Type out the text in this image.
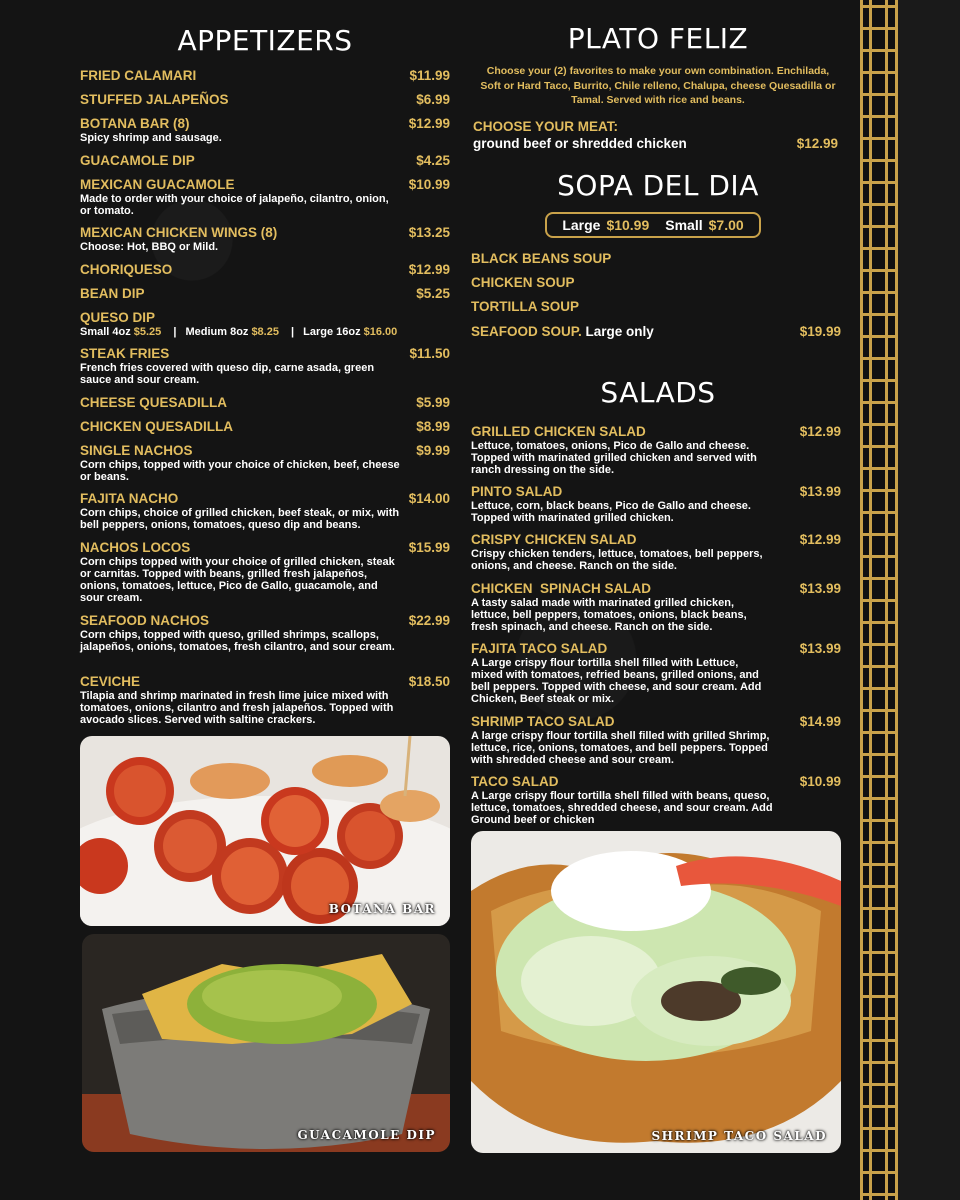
APPETIZERS
FRIED CALAMARI	$11.99
STUFFED JALAPEÑOS	$6.99
BOTANA BAR (8)	$12.99
Spicy shrimp and sausage.
GUACAMOLE DIP	$4.25
MEXICAN GUACAMOLE	$10.99
Made to order with your choice of jalapeño, cilantro, onion, or tomato.
MEXICAN CHICKEN WINGS (8)	$13.25
Choose: Hot, BBQ or Mild.
CHORIQUESO	$12.99
BEAN DIP	$5.25
QUESO DIP
Small 4oz $5.25 | Medium 8oz $8.25 | Large 16oz $16.00
STEAK FRIES	$11.50
French fries covered with queso dip, carne asada, green sauce and sour cream.
CHEESE QUESADILLA	$5.99
CHICKEN QUESADILLA	$8.99
SINGLE NACHOS	$9.99
Corn chips, topped with your choice of chicken, beef, cheese or beans.
FAJITA NACHO	$14.00
Corn chips, choice of grilled chicken, beef steak, or mix, with bell peppers, onions, tomatoes, queso dip and beans.
NACHOS LOCOS	$15.99
Corn chips topped with your choice of grilled chicken, steak or carnitas. Topped with beans, grilled fresh jalapeños, onions, tomatoes, lettuce, Pico de Gallo, guacamole, and sour cream.
SEAFOOD NACHOS	$22.99
Corn chips, topped with queso, grilled shrimps, scallops, jalapeños, onions, tomatoes, fresh cilantro, and sour cream.
CEVICHE	$18.50
Tilapia and shrimp marinated in fresh lime juice mixed with tomatoes, onions, cilantro and fresh jalapeños. Topped with avocado slices. Served with saltine crackers.
BOTANA BAR
GUACAMOLE DIP
PLATO FELIZ
Choose your (2) favorites to make your own combination. Enchilada, Soft or Hard Taco, Burrito, Chile relleno, Chalupa, cheese Quesadilla or Tamal. Served with rice and beans.
CHOOSE YOUR MEAT:
ground beef or shredded chicken	$12.99
SOPA DEL DIA
Large $10.99 Small $7.00
BLACK BEANS SOUP
CHICKEN SOUP
TORTILLA SOUP
SEAFOOD SOUP. Large only	$19.99
SALADS
GRILLED CHICKEN SALAD	$12.99
Lettuce, tomatoes, onions, Pico de Gallo and cheese. Topped with marinated grilled chicken and served with ranch dressing on the side.
PINTO SALAD	$13.99
Lettuce, corn, black beans, Pico de Gallo and cheese. Topped with marinated grilled chicken.
CRISPY CHICKEN SALAD	$12.99
Crispy chicken tenders, lettuce, tomatoes, bell peppers, onions, and cheese. Ranch on the side.
CHICKEN  SPINACH SALAD	$13.99
A tasty salad made with marinated grilled chicken, lettuce, bell peppers, tomatoes, onions, black beans, fresh spinach, and cheese. Ranch on the side.
FAJITA TACO SALAD	$13.99
A Large crispy flour tortilla shell filled with Lettuce, mixed with tomatoes, refried beans, grilled onions, and bell peppers. Topped with cheese, and sour cream. Add Chicken, Beef steak or mix.
SHRIMP TACO SALAD	$14.99
A large crispy flour tortilla shell filled with grilled Shrimp, lettuce, rice, onions, tomatoes, and bell peppers. Topped with shredded cheese and sour cream.
TACO SALAD	$10.99
A Large crispy flour tortilla shell filled with beans, queso, lettuce, tomatoes, shredded cheese, and sour cream. Add Ground beef or chicken
SHRIMP TACO SALAD
